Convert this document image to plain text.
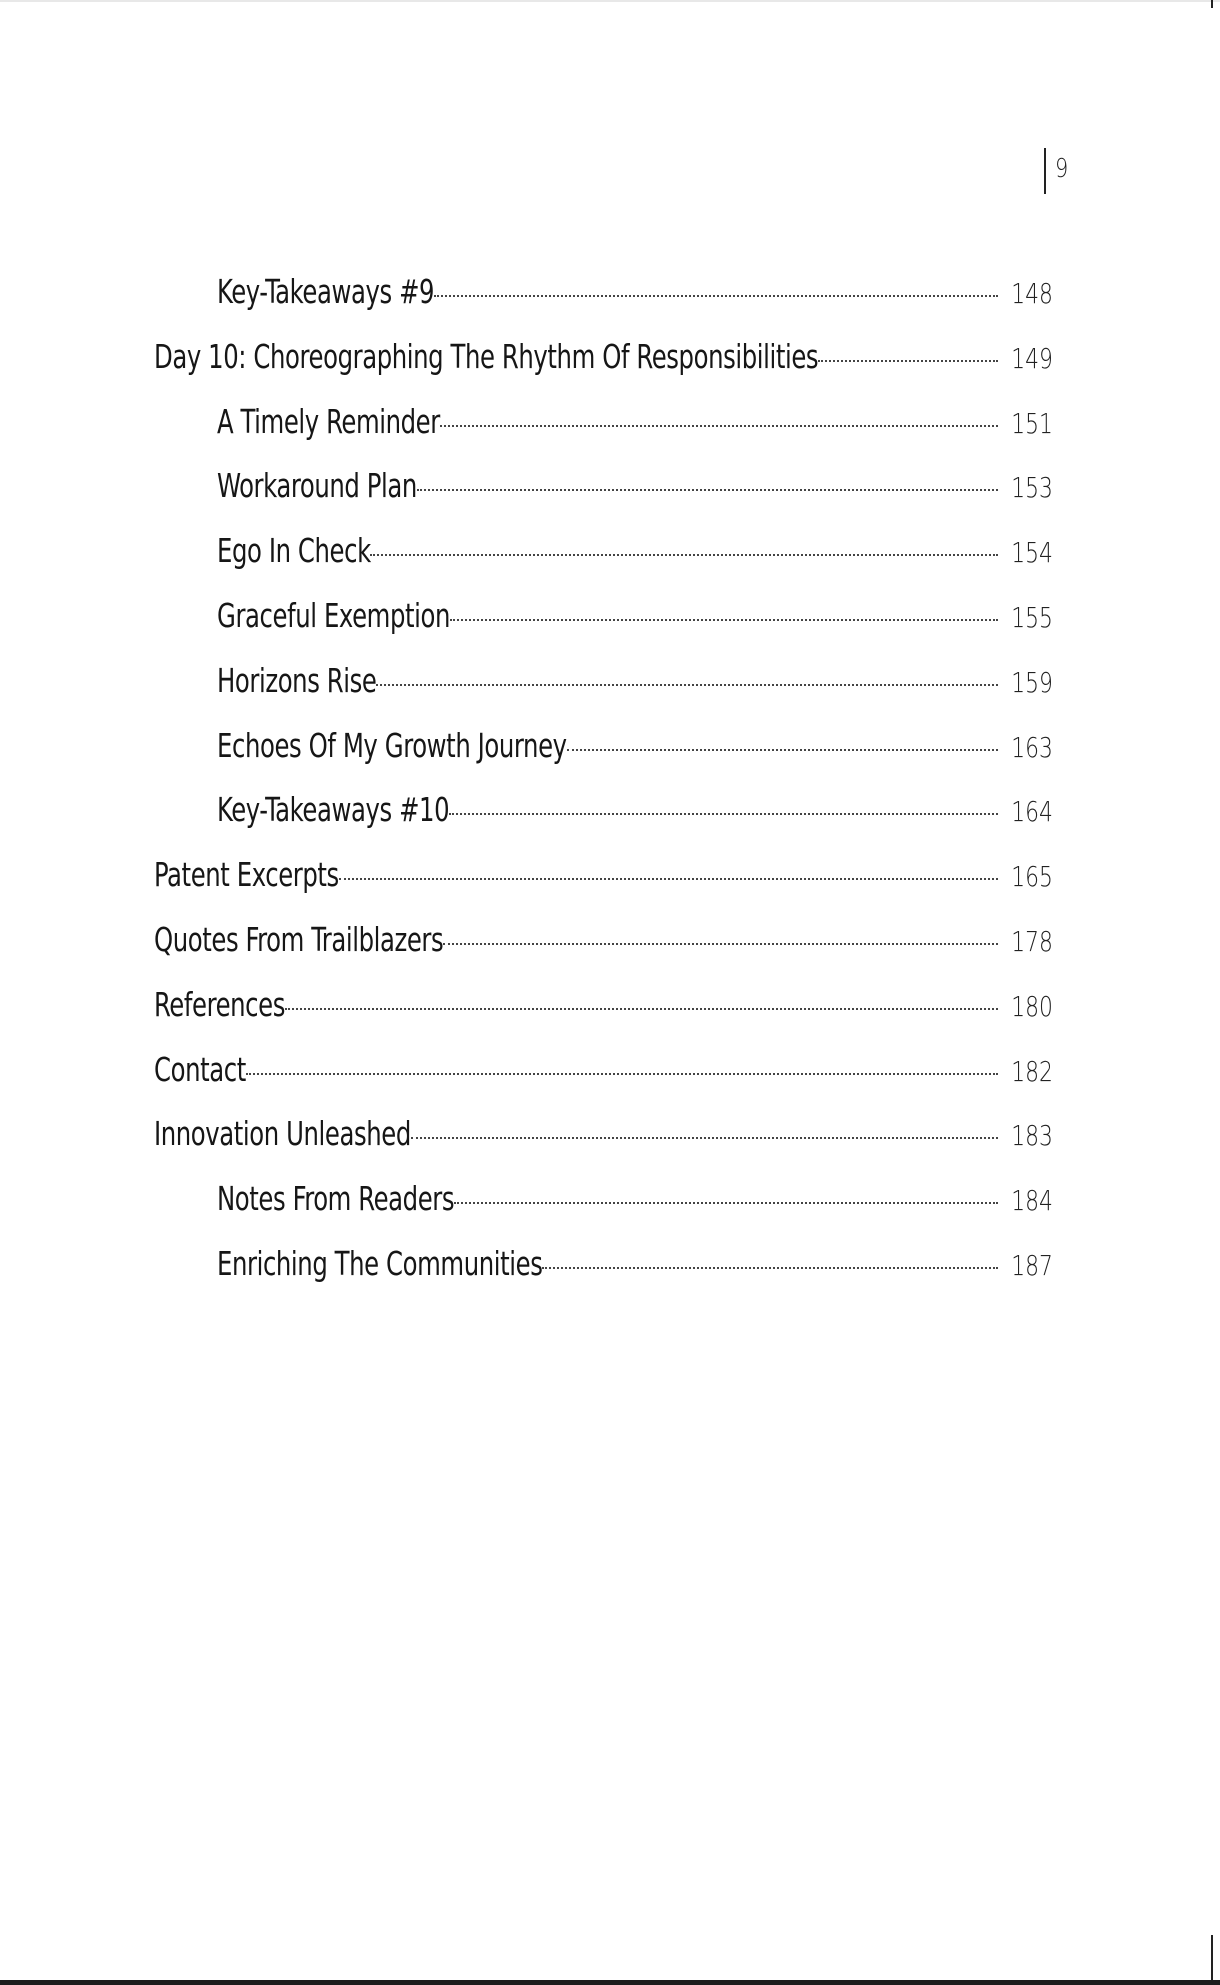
9
Key-Takeaways #9	148
Day 10: Choreographing The Rhythm Of Responsibilities	149
A Timely Reminder	151
Workaround Plan	153
Ego In Check	154
Graceful Exemption	155
Horizons Rise	159
Echoes Of My Growth Journey	163
Key-Takeaways #10	164
Patent Excerpts	165
Quotes From Trailblazers	178
References	180
Contact	182
Innovation Unleashed	183
Notes From Readers	184
Enriching The Communities	187
